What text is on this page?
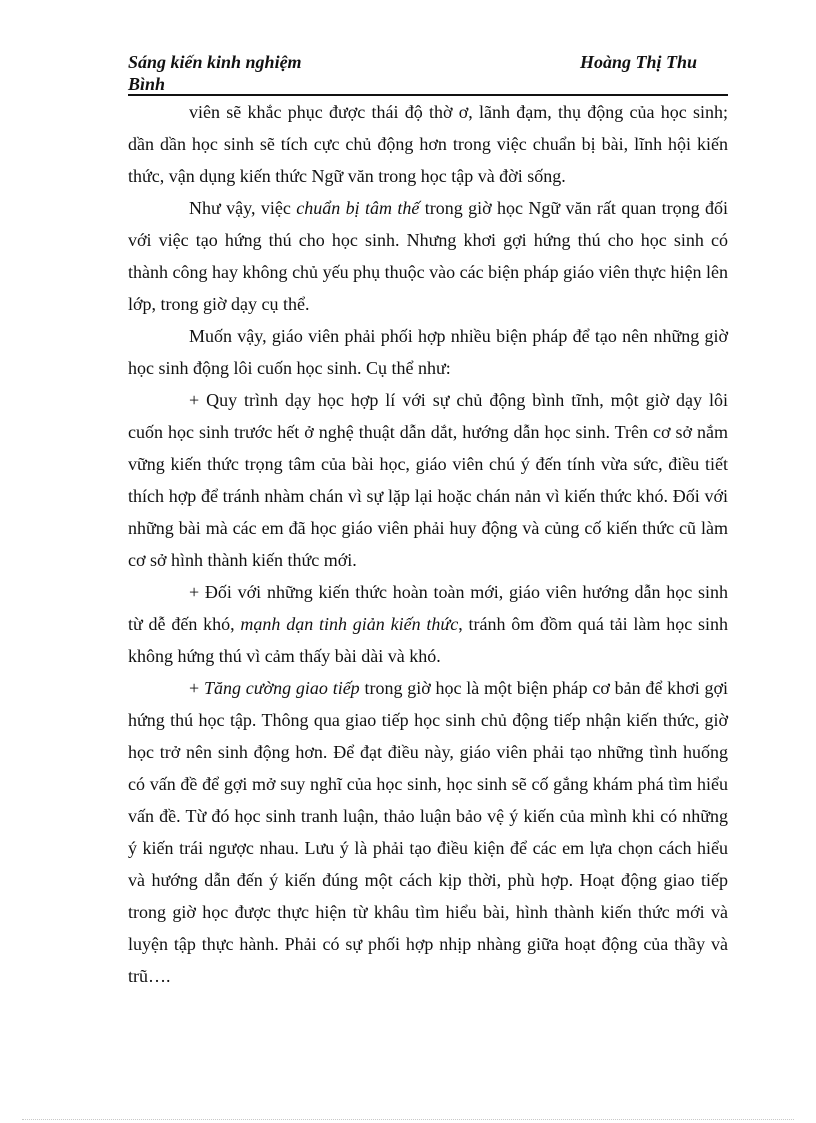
Sáng kiến kinh nghiệm	Hoàng Thị Thu
Bình

viên sẽ khắc phục được thái độ thờ ơ, lãnh đạm, thụ động của học sinh; dần dần học sinh sẽ tích cực chủ động hơn trong việc chuẩn bị bài, lĩnh hội kiến thức, vận dụng kiến thức Ngữ văn trong học tập và đời sống.

Như vậy, việc chuẩn bị tâm thế trong giờ học Ngữ văn rất quan trọng đối với việc tạo hứng thú cho học sinh. Nhưng khơi gợi hứng thú cho học sinh có thành công hay không chủ yếu phụ thuộc vào các biện pháp giáo viên thực hiện lên lớp, trong giờ dạy cụ thể.

Muốn vậy, giáo viên phải phối hợp nhiều biện pháp để tạo nên những giờ học sinh động lôi cuốn học sinh. Cụ thể như:

+ Quy trình dạy học hợp lí với sự chủ động bình tĩnh, một giờ dạy lôi cuốn học sinh trước hết ở nghệ thuật dẫn dắt, hướng dẫn học sinh. Trên cơ sở nắm vững kiến thức trọng tâm của bài học, giáo viên chú ý đến tính vừa sức, điều tiết thích hợp để tránh nhàm chán vì sự lặp lại hoặc chán nản vì kiến thức khó. Đối với những bài mà các em đã học giáo viên phải huy động và củng cố kiến thức cũ làm cơ sở hình thành kiến thức mới.

+ Đối với những kiến thức hoàn toàn mới, giáo viên hướng dẫn học sinh từ dễ đến khó, mạnh dạn tinh giản kiến thức, tránh ôm đồm quá tải làm học sinh không hứng thú vì cảm thấy bài dài và khó.

+ Tăng cường giao tiếp trong giờ học là một biện pháp cơ bản để khơi gợi hứng thú học tập. Thông qua giao tiếp học sinh chủ động tiếp nhận kiến thức, giờ học trở nên sinh động hơn. Để đạt điều này, giáo viên phải tạo những tình huống có vấn đề để gợi mở suy nghĩ của học sinh, học sinh sẽ cố gắng khám phá tìm hiểu vấn đề. Từ đó học sinh tranh luận, thảo luận bảo vệ ý kiến của mình khi có những ý kiến trái ngược nhau. Lưu ý là phải tạo điều kiện để các em lựa chọn cách hiểu và hướng dẫn đến ý kiến đúng một cách kịp thời, phù hợp. Hoạt động giao tiếp trong giờ học được thực hiện từ khâu tìm hiểu bài, hình thành kiến thức mới và luyện tập thực hành. Phải có sự phối hợp nhịp nhàng giữa hoạt động của thầy và trũ….
